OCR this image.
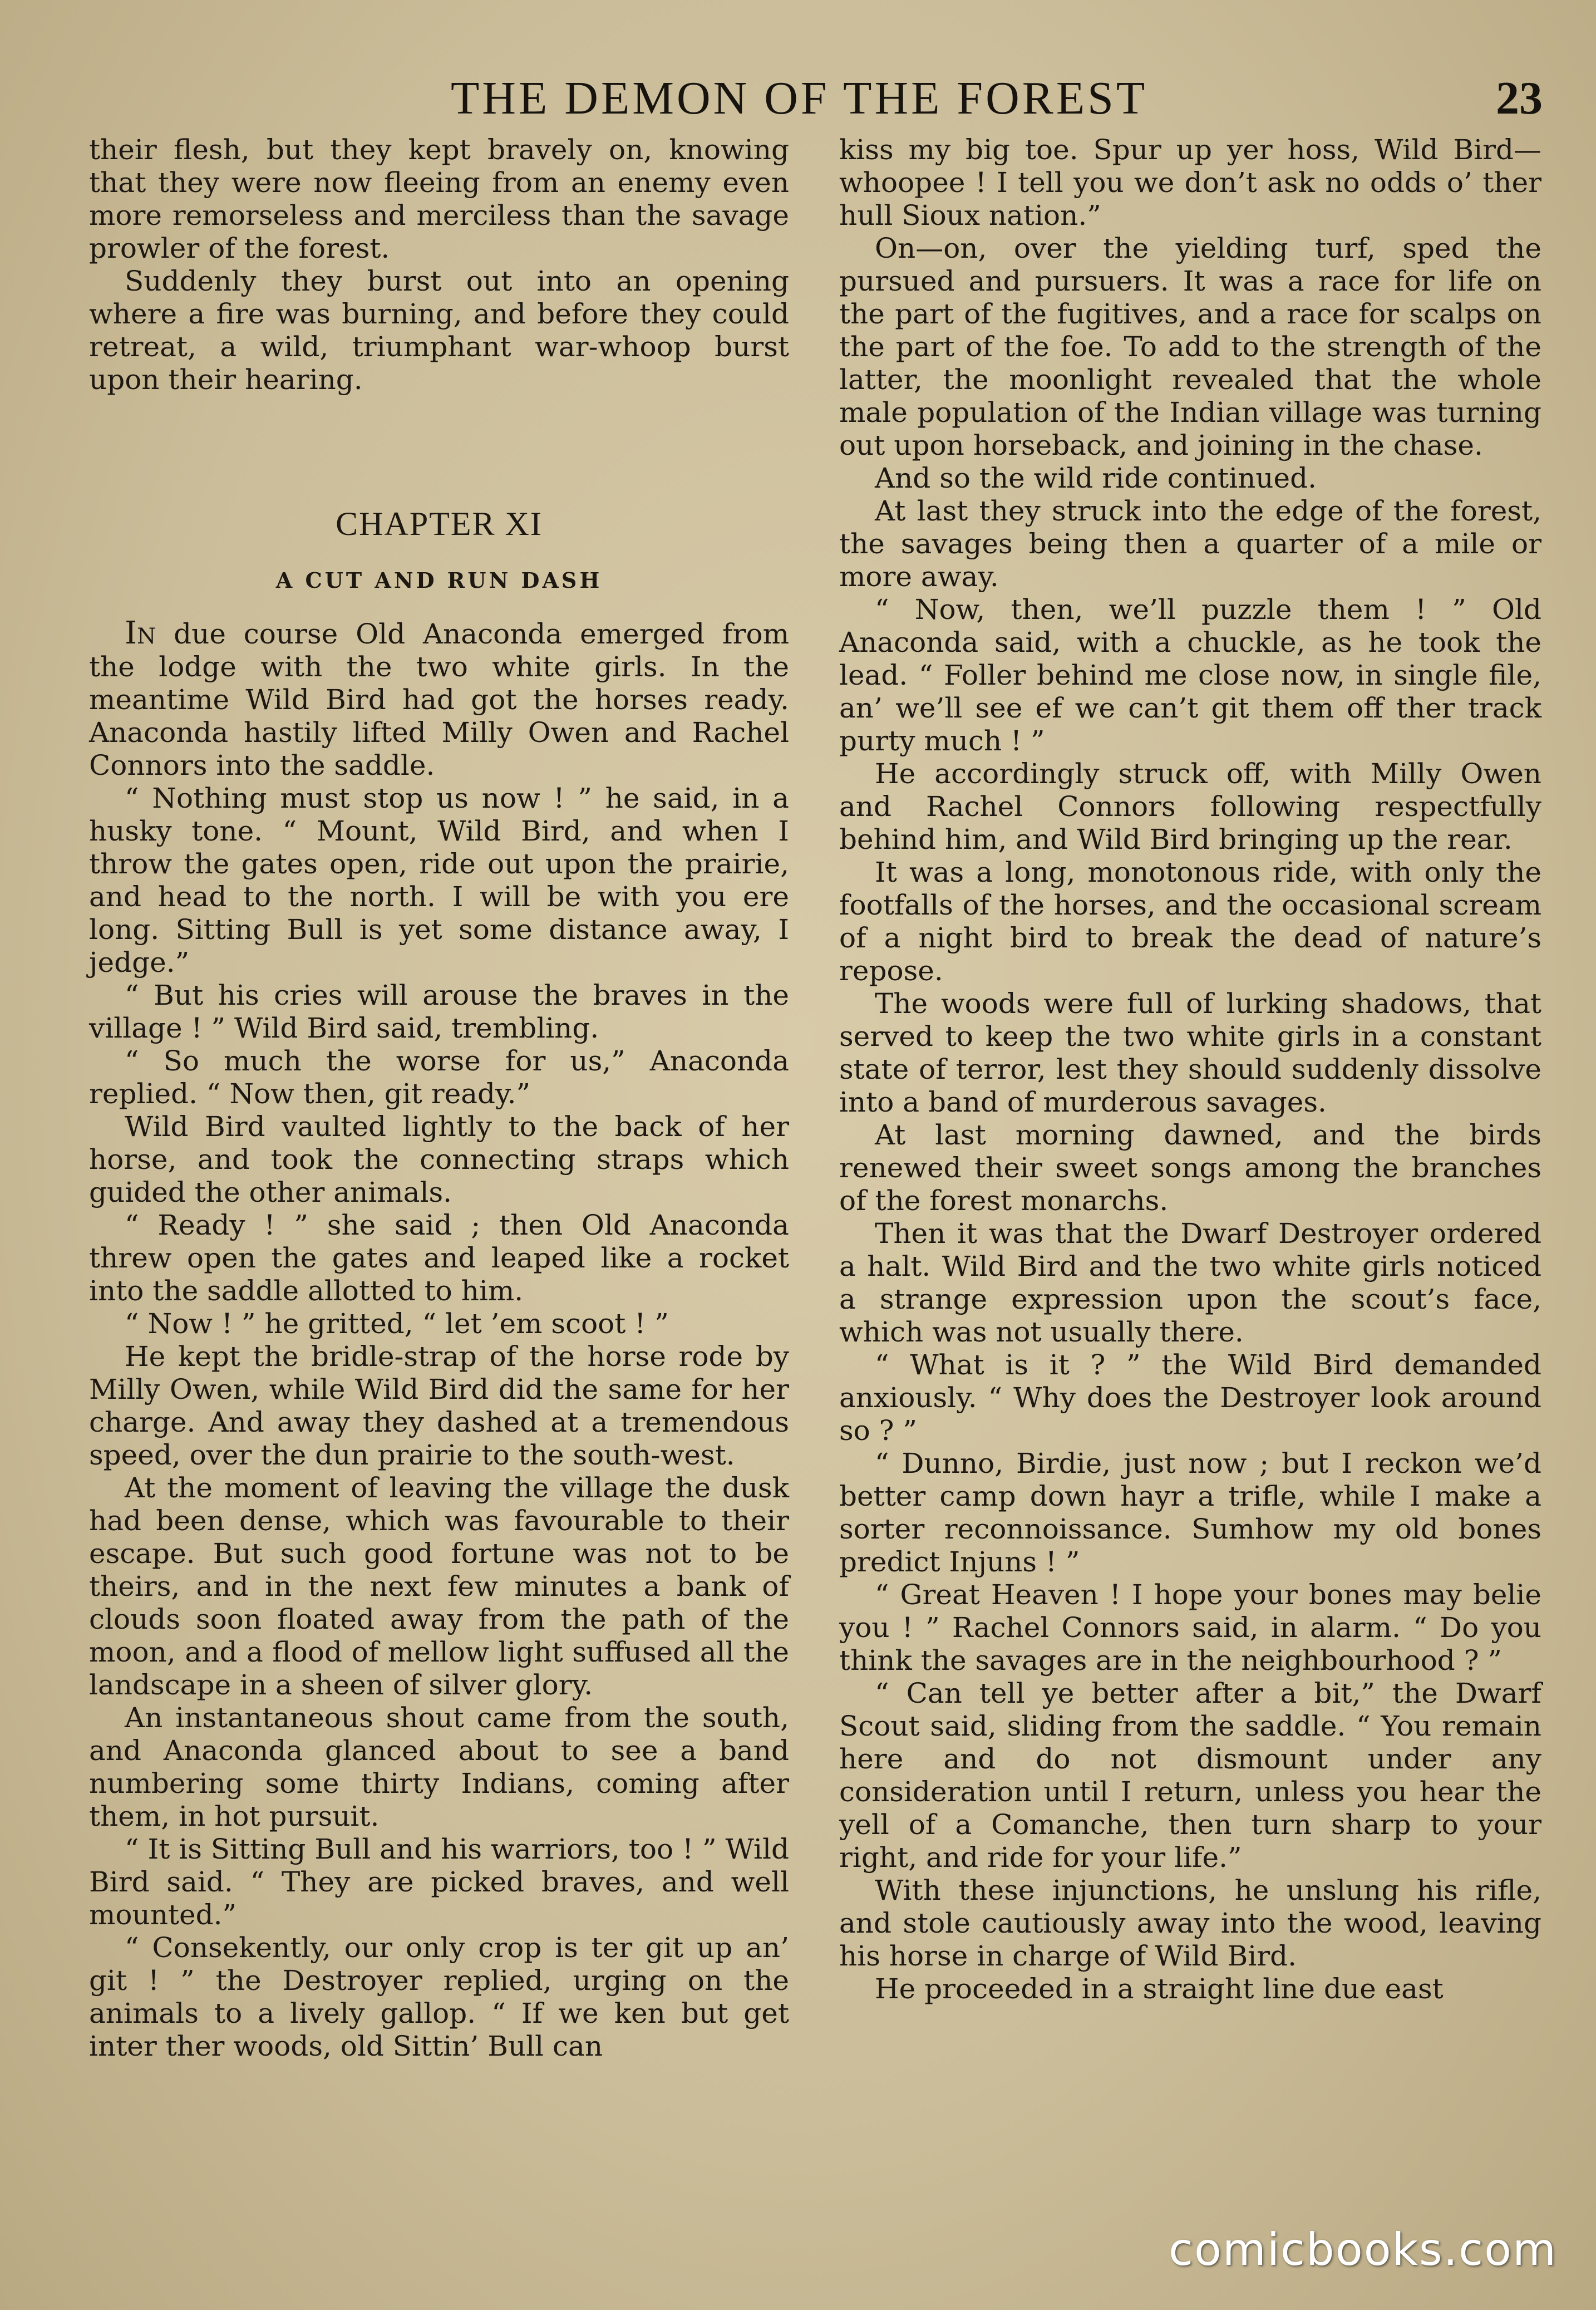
THE DEMON OF THE FOREST	23

their flesh, but they kept bravely on, knowing that they were now fleeing from an enemy even more remorseless and merciless than the savage prowler of the forest.

Suddenly they burst out into an opening where a fire was burning, and before they could retreat, a wild, triumphant war-whoop burst upon their hearing.

CHAPTER XI

A CUT AND RUN DASH

In due course Old Anaconda emerged from the lodge with the two white girls. In the meantime Wild Bird had got the horses ready. Anaconda hastily lifted Milly Owen and Rachel Connors into the saddle.

“ Nothing must stop us now ! ” he said, in a husky tone. “ Mount, Wild Bird, and when I throw the gates open, ride out upon the prairie, and head to the north. I will be with you ere long. Sitting Bull is yet some distance away, I jedge.”

“ But his cries will arouse the braves in the village ! ” Wild Bird said, trembling.

“ So much the worse for us,” Anaconda replied. “ Now then, git ready.”

Wild Bird vaulted lightly to the back of her horse, and took the connecting straps which guided the other animals.

“ Ready ! ” she said ; then Old Anaconda threw open the gates and leaped like a rocket into the saddle allotted to him.

“ Now ! ” he gritted, “ let ’em scoot ! ”

He kept the bridle-strap of the horse rode by Milly Owen, while Wild Bird did the same for her charge. And away they dashed at a tremendous speed, over the dun prairie to the south-west.

At the moment of leaving the village the dusk had been dense, which was favourable to their escape. But such good fortune was not to be theirs, and in the next few minutes a bank of clouds soon floated away from the path of the moon, and a flood of mellow light suffused all the landscape in a sheen of silver glory.

An instantaneous shout came from the south, and Anaconda glanced about to see a band numbering some thirty Indians, coming after them, in hot pursuit.

“ It is Sitting Bull and his warriors, too ! ” Wild Bird said. “ They are picked braves, and well mounted.”

“ Consekently, our only crop is ter git up an’ git ! ” the Destroyer replied, urging on the animals to a lively gallop. “ If we ken but get inter ther woods, old Sittin’ Bull can

kiss my big toe. Spur up yer hoss, Wild Bird—whoopee ! I tell you we don’t ask no odds o’ ther hull Sioux nation.”

On—on, over the yielding turf, sped the pursued and pursuers. It was a race for life on the part of the fugitives, and a race for scalps on the part of the foe. To add to the strength of the latter, the moonlight revealed that the whole male population of the Indian village was turning out upon horseback, and joining in the chase.

And so the wild ride continued.

At last they struck into the edge of the forest, the savages being then a quarter of a mile or more away.

“ Now, then, we’ll puzzle them ! ” Old Anaconda said, with a chuckle, as he took the lead. “ Foller behind me close now, in single file, an’ we’ll see ef we can’t git them off ther track purty much ! ”

He accordingly struck off, with Milly Owen and Rachel Connors following respectfully behind him, and Wild Bird bringing up the rear.

It was a long, monotonous ride, with only the footfalls of the horses, and the occasional scream of a night bird to break the dead of nature’s repose.

The woods were full of lurking shadows, that served to keep the two white girls in a constant state of terror, lest they should suddenly dissolve into a band of murderous savages.

At last morning dawned, and the birds renewed their sweet songs among the branches of the forest monarchs.

Then it was that the Dwarf Destroyer ordered a halt. Wild Bird and the two white girls noticed a strange expression upon the scout’s face, which was not usually there.

“ What is it ? ” the Wild Bird demanded anxiously. “ Why does the Destroyer look around so ? ”

“ Dunno, Birdie, just now ; but I reckon we’d better camp down hayr a trifle, while I make a sorter reconnoissance. Sumhow my old bones predict Injuns ! ”

“ Great Heaven ! I hope your bones may belie you ! ” Rachel Connors said, in alarm. “ Do you think the savages are in the neighbourhood ? ”

“ Can tell ye better after a bit,” the Dwarf Scout said, sliding from the saddle. “ You remain here and do not dismount under any consideration until I return, unless you hear the yell of a Comanche, then turn sharp to your right, and ride for your life.”

With these injunctions, he unslung his rifle, and stole cautiously away into the wood, leaving his horse in charge of Wild Bird.

He proceeded in a straight line due east

comicbooks.com
